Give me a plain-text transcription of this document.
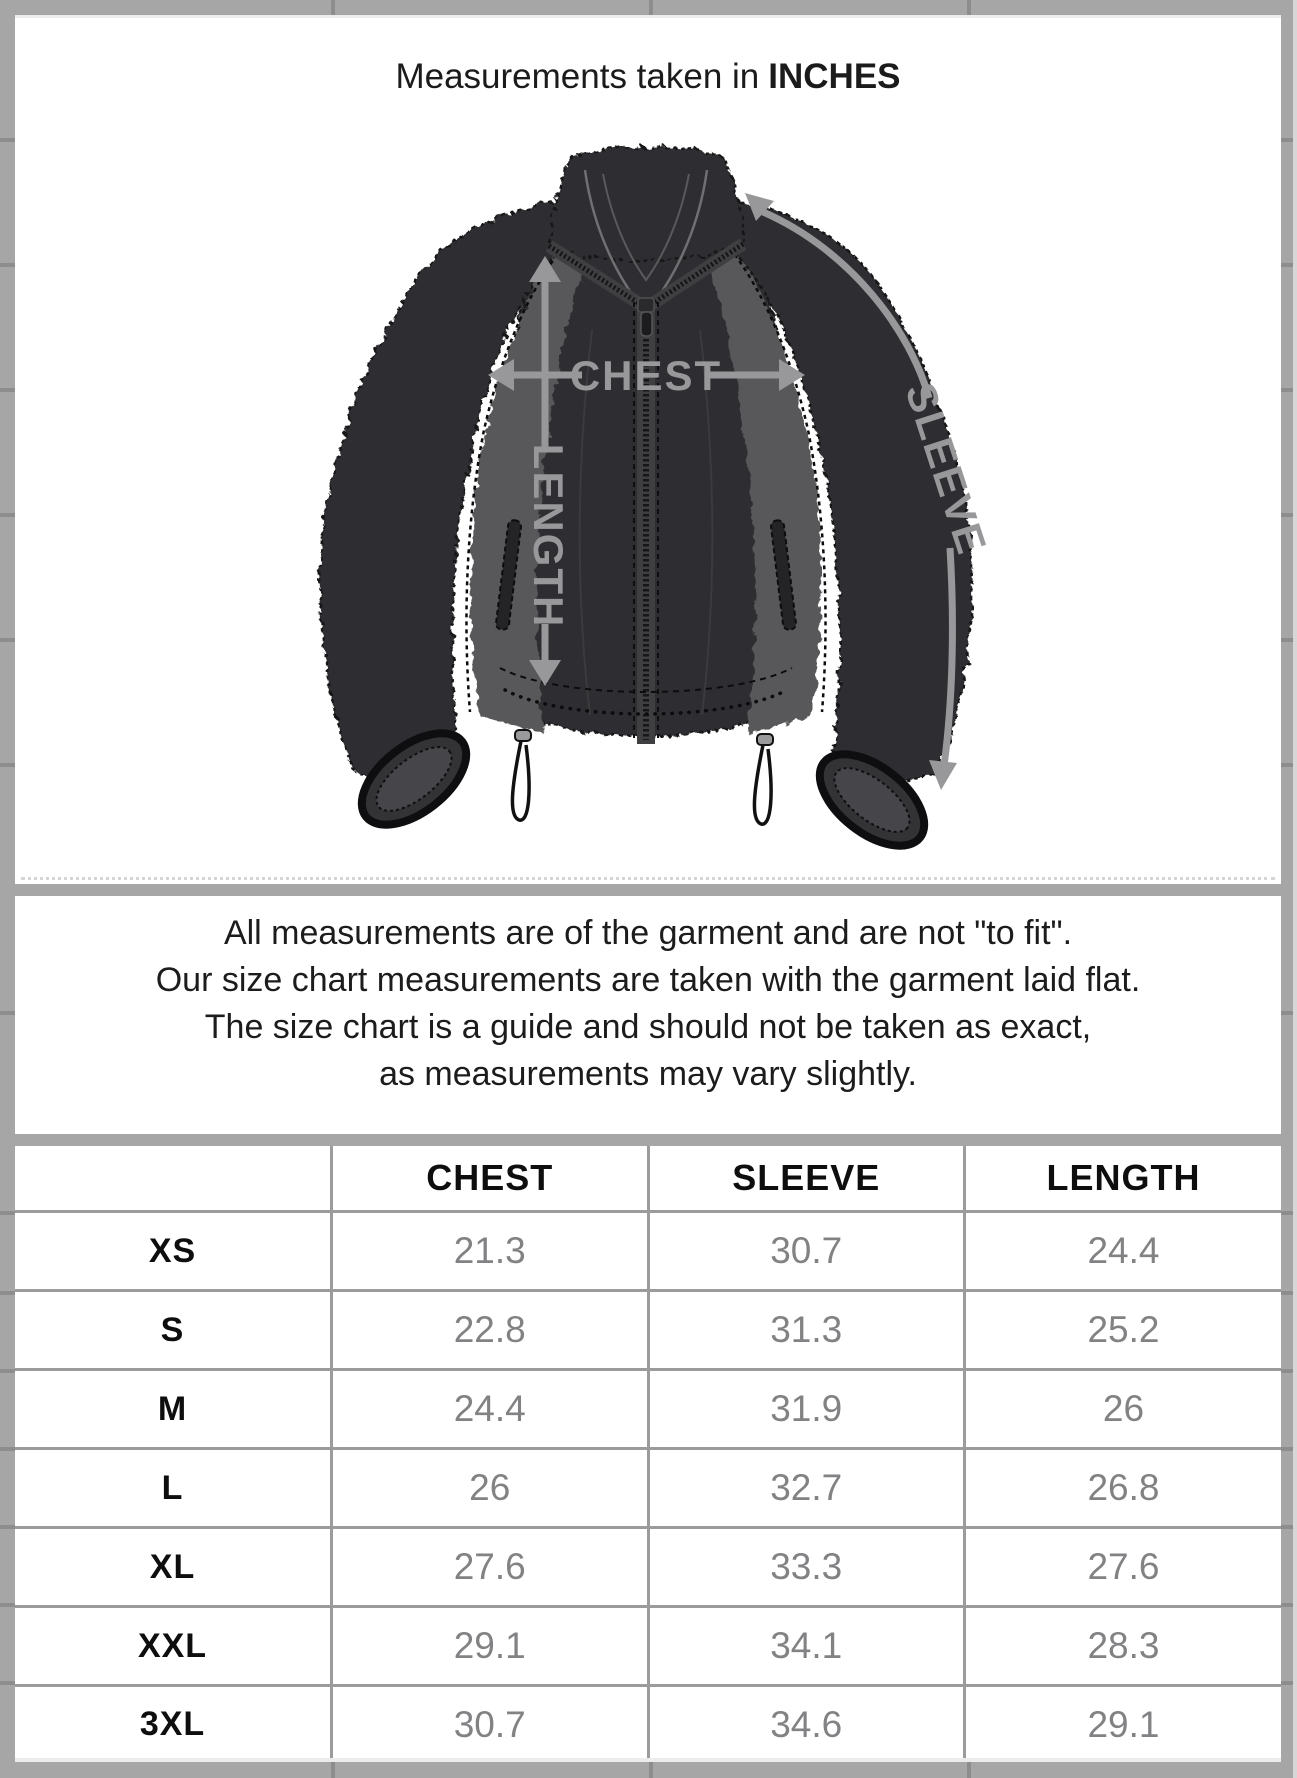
Measurements taken in INCHES
CHEST
LENGTH	SLEEVE
All measurements are of the garment and are not "to fit".
Our size chart measurements are taken with the garment laid flat.
The size chart is a guide and should not be taken as exact,
as measurements may vary slightly.
	CHEST	SLEEVE	LENGTH
XS	21.3	30.7	24.4
S	22.8	31.3	25.2
M	24.4	31.9	26
L	26	32.7	26.8
XL	27.6	33.3	27.6
XXL	29.1	34.1	28.3
3XL	30.7	34.6	29.1
